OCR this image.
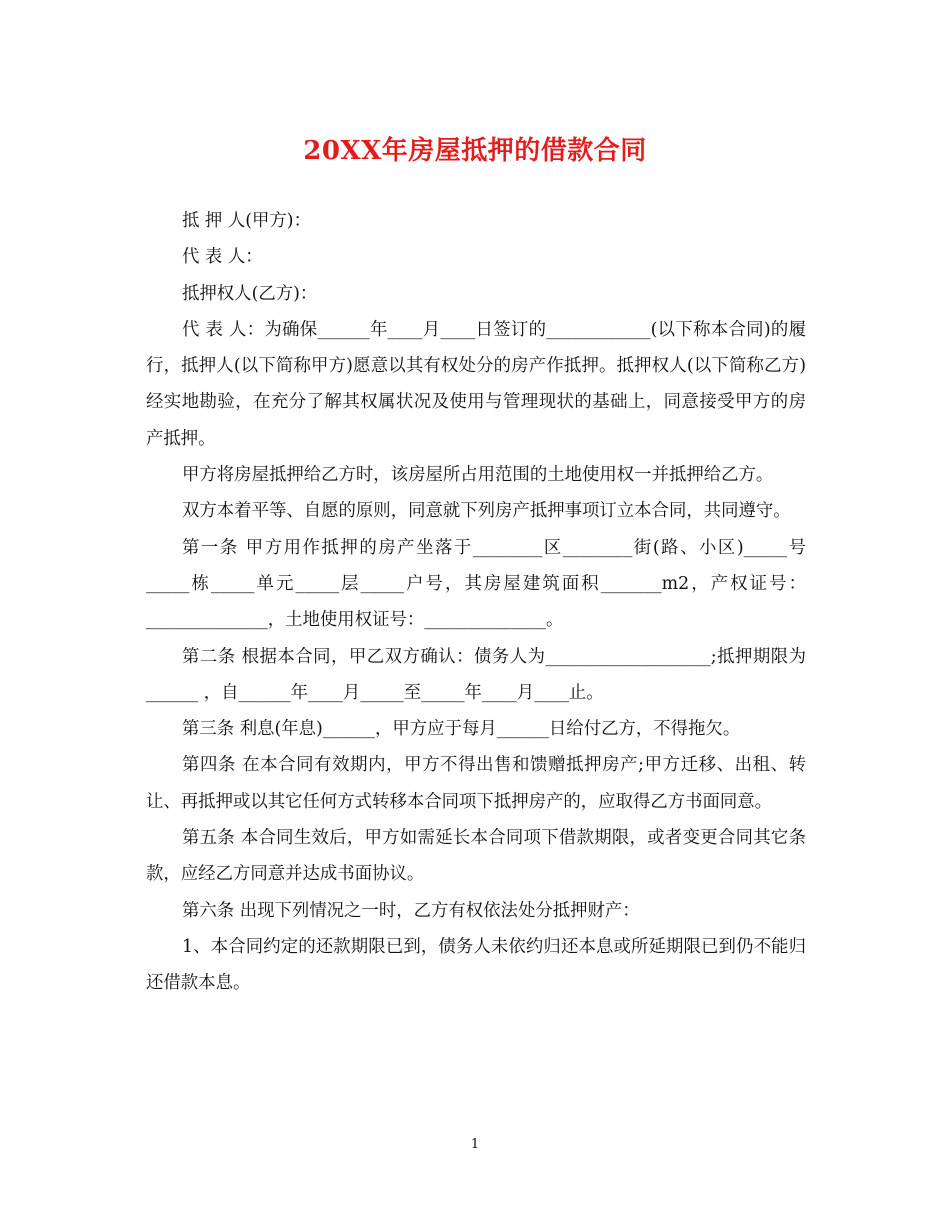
20XX年房屋抵押的借款合同

抵 押 人(甲方)：

代 表 人：

抵押权人(乙方)：

代 表 人：为确保______年____月____日签订的____________(以下称本合同)的履行，抵押人(以下简称甲方)愿意以其有权处分的房产作抵押。抵押权人(以下简称乙方)经实地勘验，在充分了解其权属状况及使用与管理现状的基础上，同意接受甲方的房产抵押。

甲方将房屋抵押给乙方时，该房屋所占用范围的土地使用权一并抵押给乙方。

双方本着平等、自愿的原则，同意就下列房产抵押事项订立本合同，共同遵守。

第一条 甲方用作抵押的房产坐落于________区________街(路、小区)_____号_____栋_____单元_____层_____户号，其房屋建筑面积_______m2，产权证号：______________，土地使用权证号：______________。

第二条 根据本合同，甲乙双方确认：债务人为___________________;抵押期限为______ ，自______年____月_____至_____年____月____止。

第三条 利息(年息)______，甲方应于每月______日给付乙方，不得拖欠。

第四条 在本合同有效期内，甲方不得出售和馈赠抵押房产;甲方迁移、出租、转让、再抵押或以其它任何方式转移本合同项下抵押房产的，应取得乙方书面同意。

第五条 本合同生效后，甲方如需延长本合同项下借款期限，或者变更合同其它条款，应经乙方同意并达成书面协议。

第六条 出现下列情况之一时，乙方有权依法处分抵押财产：

1、本合同约定的还款期限已到，债务人未依约归还本息或所延期限已到仍不能归还借款本息。

1
